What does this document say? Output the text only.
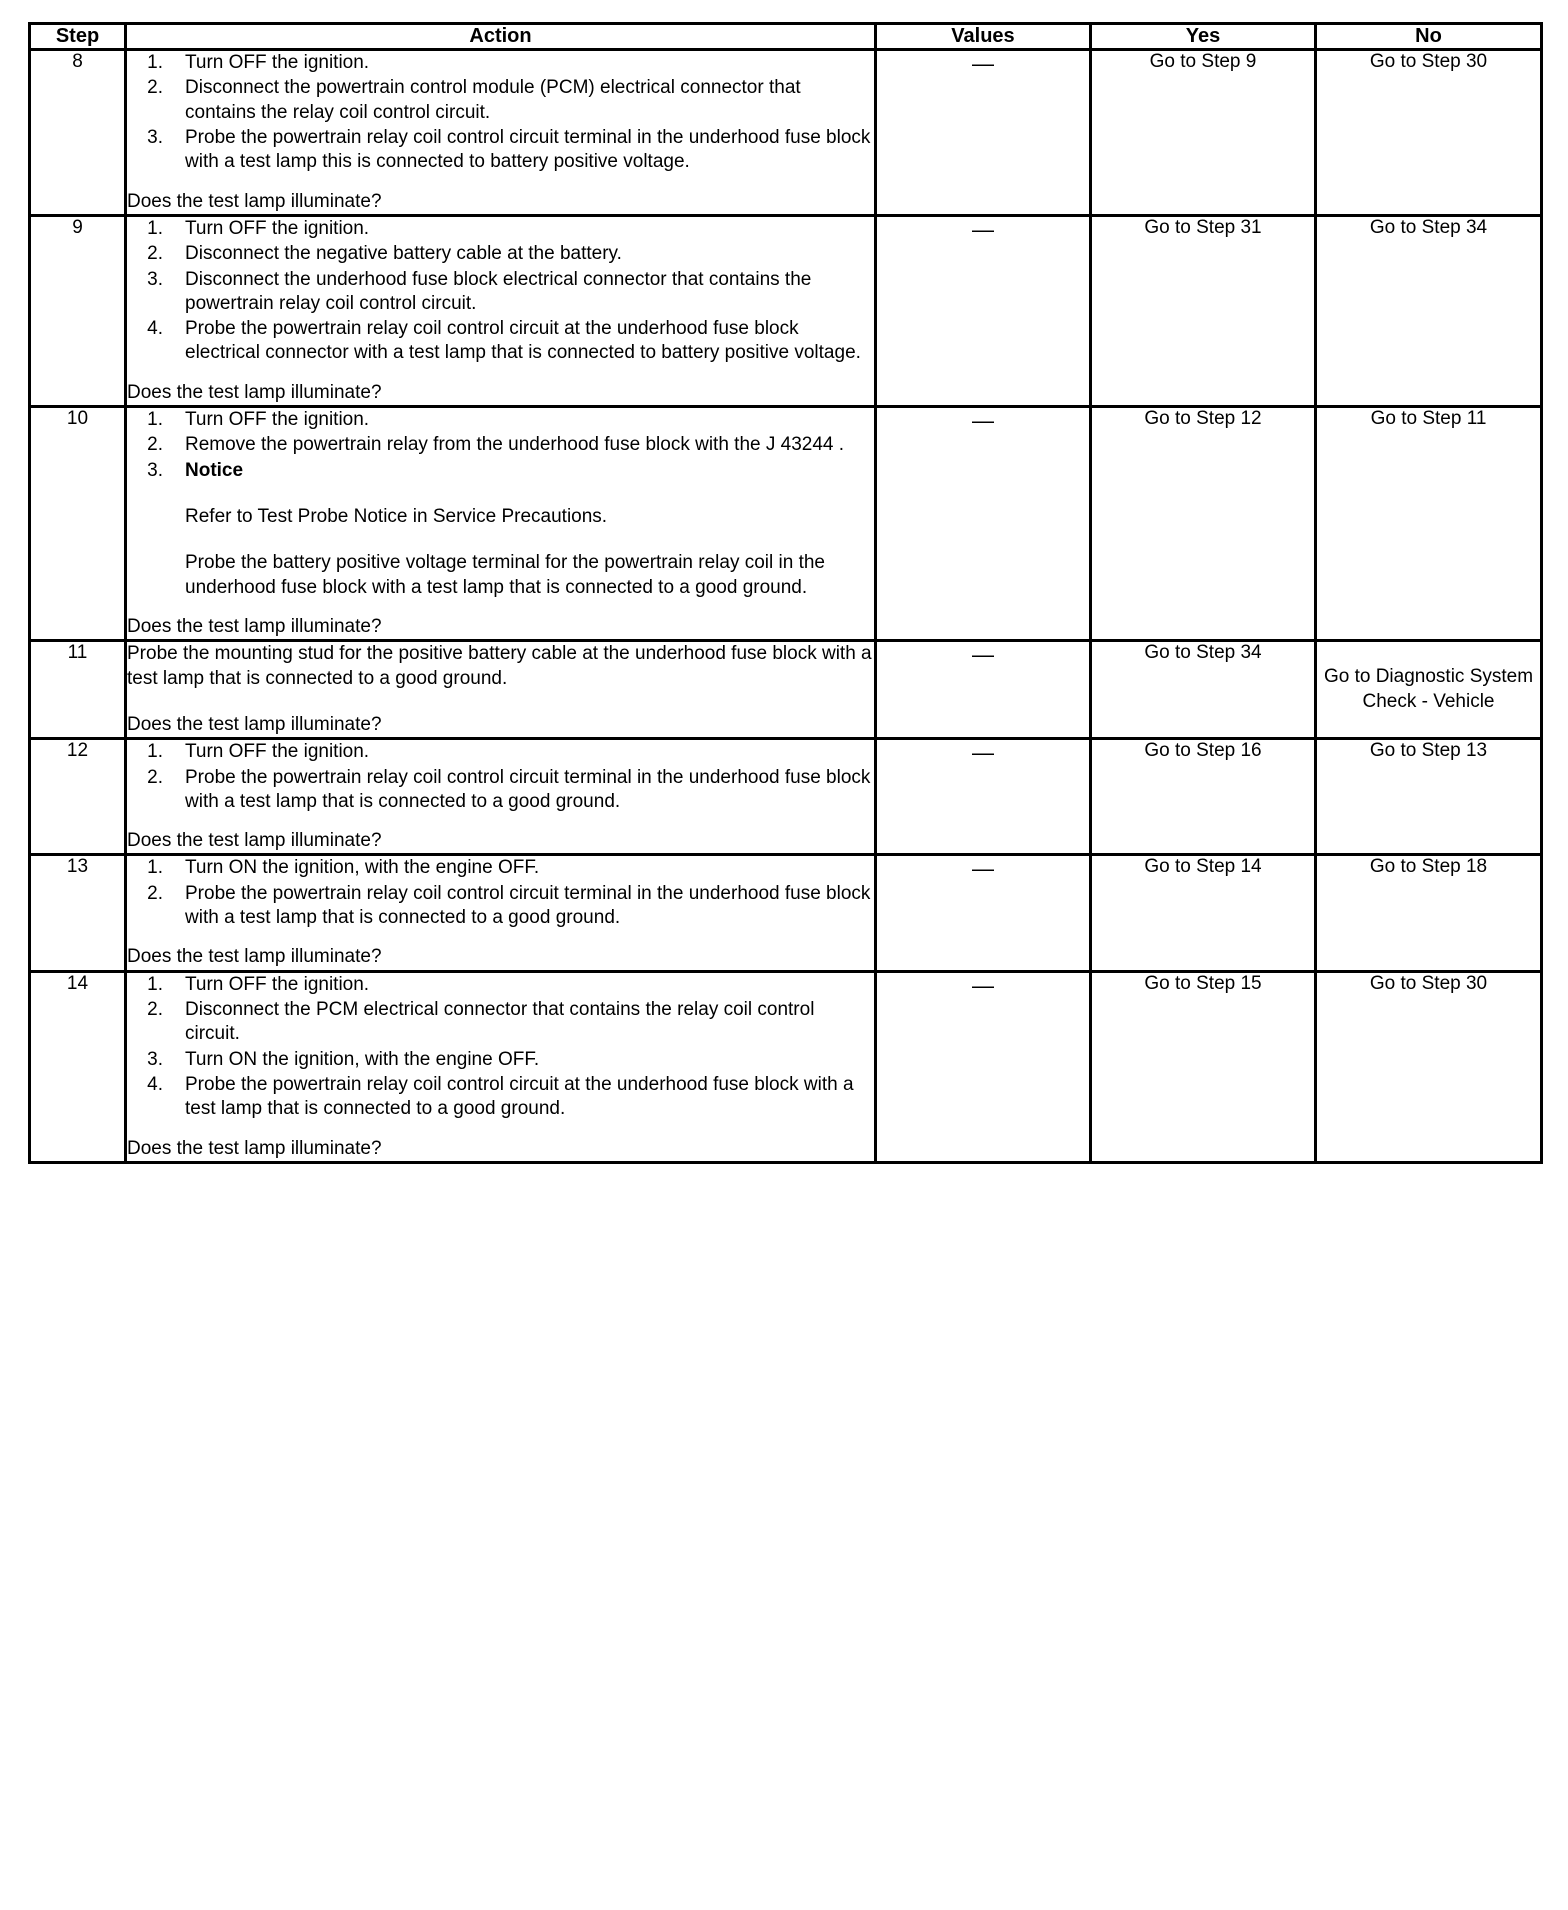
Step	Action	Values	Yes	No
8	1.	Turn OFF the ignition.
2.	Disconnect the powertrain control module (PCM) electrical connector that contains the relay coil control circuit.
3.	Probe the powertrain relay coil control circuit terminal in the underhood fuse block with a test lamp this is connected to battery positive voltage.
Does the test lamp illuminate?
	—	Go to Step 9	Go to Step 30
9	1.	Turn OFF the ignition.
2.	Disconnect the negative battery cable at the battery.
3.	Disconnect the underhood fuse block electrical connector that contains the powertrain relay coil control circuit.
4.	Probe the powertrain relay coil control circuit at the underhood fuse block electrical connector with a test lamp that is connected to battery positive voltage.
Does the test lamp illuminate?
	—	Go to Step 31	Go to Step 34
10	1.	Turn OFF the ignition.
2.	Remove the powertrain relay from the underhood fuse block with the J 43244 .
3.	Notice
Refer to Test Probe Notice in Service Precautions.
Probe the battery positive voltage terminal for the powertrain relay coil in the underhood fuse block with a test lamp that is connected to a good ground.
Does the test lamp illuminate?
	—	Go to Step 12	Go to Step 11
11	Probe the mounting stud for the positive battery cable at the underhood fuse block with a test lamp that is connected to a good ground.
Does the test lamp illuminate?	—	Go to Step 34	Go to Diagnostic System Check - Vehicle
12	1.	Turn OFF the ignition.
2.	Probe the powertrain relay coil control circuit terminal in the underhood fuse block with a test lamp that is connected to a good ground.
Does the test lamp illuminate?
	—	Go to Step 16	Go to Step 13
13	1.	Turn ON the ignition, with the engine OFF.
2.	Probe the powertrain relay coil control circuit terminal in the underhood fuse block with a test lamp that is connected to a good ground.
Does the test lamp illuminate?
	—	Go to Step 14	Go to Step 18
14	1.	Turn OFF the ignition.
2.	Disconnect the PCM electrical connector that contains the relay coil control circuit.
3.	Turn ON the ignition, with the engine OFF.
4.	Probe the powertrain relay coil control circuit at the underhood fuse block with a test lamp that is connected to a good ground.
Does the test lamp illuminate?
	—	Go to Step 15	Go to Step 30
